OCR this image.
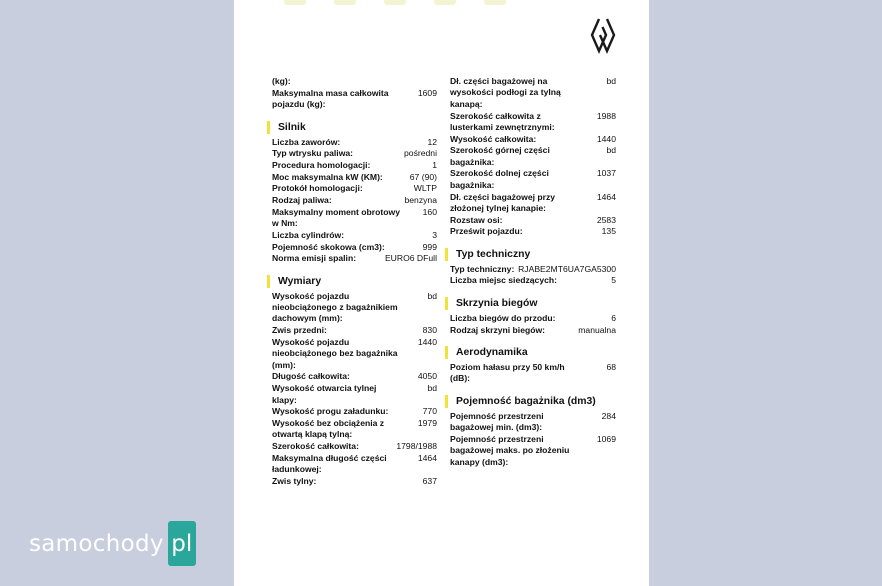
(kg):
Maksymalna masa całkowita pojazdu (kg):
1609
Silnik
Liczba zaworów:	12
Typ wtrysku paliwa:	pośredni
Procedura homologacji:	1
Moc maksymalna kW (KM):	67 (90)
Protokół homologacji:	WLTP
Rodzaj paliwa:	benzyna
Maksymalny moment obrotowy w Nm:
160
Liczba cylindrów:	3
Pojemność skokowa (cm3):	999
Norma emisji spalin:	EURO6 DFull
Wymiary
Wysokość pojazdu nieobciążonego z bagażnikiem dachowym (mm):
bd
Zwis przedni:	830
Wysokość pojazdu nieobciążonego bez bagażnika (mm):
1440
Długość całkowita:	4050
Wysokość otwarcia tylnej klapy:
bd
Wysokość progu załadunku:	770
Wysokość bez obciążenia z otwartą klapą tylną:
1979
Szerokość całkowita:	1798/1988
Maksymalna długość części ładunkowej:
1464
Zwis tylny:	637
Dł. części bagażowej na wysokości podłogi za tylną kanapą:
bd
Szerokość całkowita z lusterkami zewnętrznymi:
1988
Wysokość całkowita:	1440
Szerokość górnej części bagażnika:
bd
Szerokość dolnej części bagażnika:
1037
Dł. części bagażowej przy złożonej tylnej kanapie:
1464
Rozstaw osi:	2583
Prześwit pojazdu:	135
Typ techniczny
Typ techniczny: RJABE2MT6UA7GA5300
Liczba miejsc siedzących:	5
Skrzynia biegów
Liczba biegów do przodu:	6
Rodzaj skrzyni biegów:	manualna
Aerodynamika
Poziom hałasu przy 50 km/h (dB):
68
Pojemność bagażnika (dm3)
Pojemność przestrzeni bagażowej min. (dm3):
284
Pojemność przestrzeni bagażowej maks. po złożeniu kanapy (dm3):
1069
samochody pl
